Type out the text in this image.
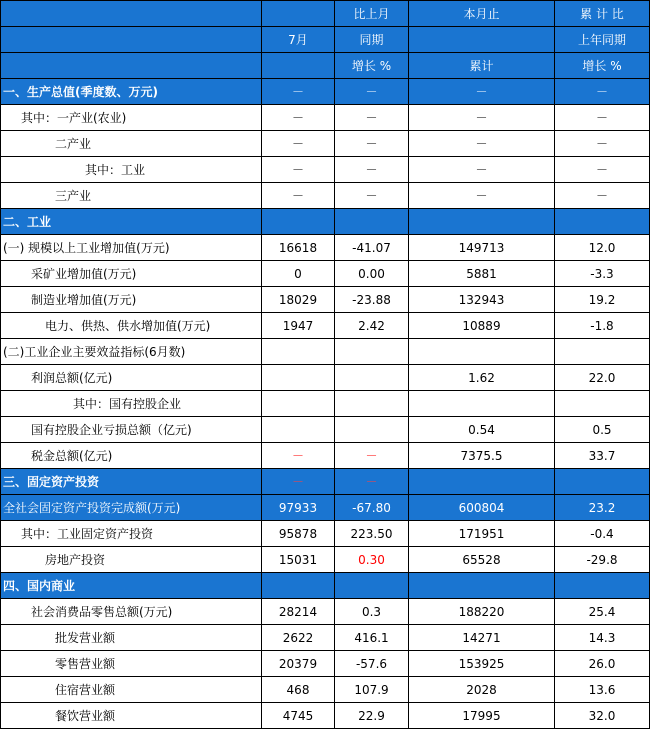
		比上月	本月止	累 计 比
	7月	同期		上年同期
		增长 %	累计	增长 %
一、生产总值(季度数、万元)	－	－	－	－
其中：一产业(农业)	－	－	－	－
二产业	－	－	－	－
其中：工业	－	－	－	－
三产业	－	－	－	－
二、工业				
(一) 规模以上工业增加值(万元)	16618	-41.07	149713	12.0
采矿业增加值(万元)	0	0.00	5881	-3.3
制造业增加值(万元)	18029	-23.88	132943	19.2
电力、供热、供水增加值(万元)	1947	2.42	10889	-1.8
(二)工业企业主要效益指标(6月数)				
利润总额(亿元)			1.62	22.0
其中：国有控股企业				
国有控股企业亏损总额（亿元)			0.54	0.5
税金总额(亿元)	－	－	7375.5	33.7
三、固定资产投资	－	－		
全社会固定资产投资完成额(万元)	97933	-67.80	600804	23.2
其中：工业固定资产投资	95878	223.50	171951	-0.4
房地产投资	15031	0.30	65528	-29.8
四、国内商业				
社会消费品零售总额(万元)	28214	0.3	188220	25.4
批发营业额	2622	416.1	14271	14.3
零售营业额	20379	-57.6	153925	26.0
住宿营业额	468	107.9	2028	13.6
餐饮营业额	4745	22.9	17995	32.0
